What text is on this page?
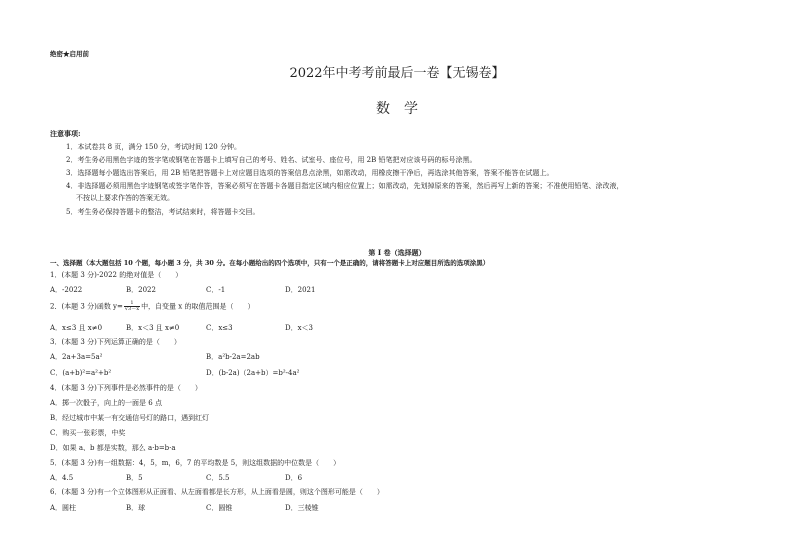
绝密★启用前
2022年中考考前最后一卷【无锡卷】
数学
注意事项:
1．本试卷共 8 页，满分 150 分，考试时间 120 分钟。
2．考生务必用黑色字迹的签字笔或钢笔在答题卡上填写自己的考号、姓名、试室号、座位号，用 2B 铅笔把对应该号码的标号涂黑。
3．选择题每小题选出答案后，用 2B 铅笔把答题卡上对应题目选项的答案信息点涂黑，如需改动，用橡皮擦干净后，再选涂其他答案，答案不能答在试题上。
4．非选择题必须用黑色字迹钢笔或签字笔作答，答案必须写在答题卡各题目指定区域内相应位置上；如需改动，先划掉原来的答案，然后再写上新的答案；不准使用铅笔、涂改液，
不按以上要求作答的答案无效。
5．考生务必保持答题卡的整洁，考试结束时，将答题卡交回。
第 I 卷（选择题）
一、选择题（本大题包括 10 个题，每小题 3 分，共 30 分。在每小题给出的四个选项中，只有一个是正确的，请将答题卡上对应题目所选的选项涂黑）
1．(本题 3 分)-2022 的绝对值是（　　）
A．-2022	B．2022	C．-1	D．2021
2．(本题 3 分)函数 $y= \frac{1}{√3-x}$ 中，自变量 x 的取值范围是（　　）
A．x≤3 且 x≠0	B．x＜3 且 x≠0	C．x≤3	D．x＜3
3．(本题 3 分)下列运算正确的是（　　）
A．2a+3a=5a²	B．a²b-2a=2ab
C．(a+b)²=a²+b²	D．(b-2a)（2a+b）=b²-4a²
4．(本题 3 分)下列事件是必然事件的是（　　）
A．掷一次骰子，向上的一面是 6 点
B．经过城市中某一有交通信号灯的路口，遇到红灯
C．购买一张彩票，中奖
D．如果 a、b 都是实数，那么 a·b=b·a
5．(本题 3 分)有一组数据：4，5，m，6，7 的平均数是 5，则这组数据的中位数是（　　）
A．4.5	B．5	C．5.5	D．6
6．(本题 3 分)有一个立体图形从正面看、从左面看都是长方形，从上面看是圆，则这个图形可能是（　　）
A．圆柱	B．球	C．圆锥	D．三棱锥
